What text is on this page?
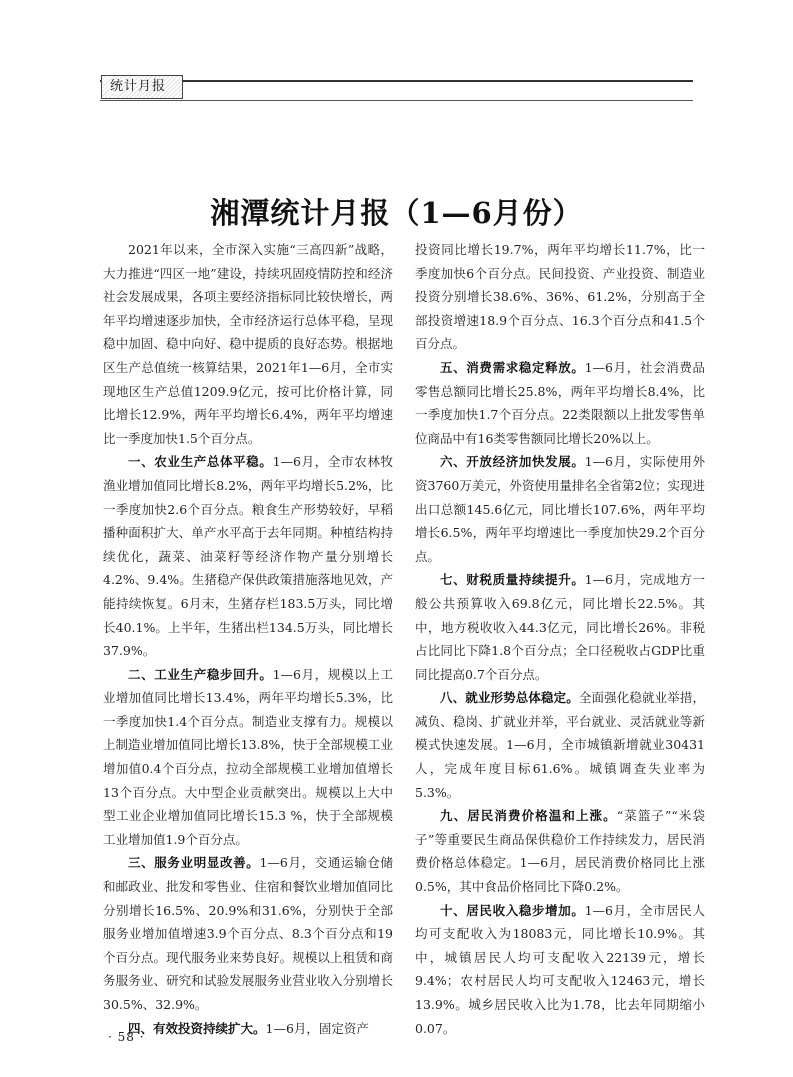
统计月报
湘潭统计月报（1—6月份）

2021年以来，全市深入实施“三高四新”战略，大力推进“四区一地”建设，持续巩固疫情防控和经济社会发展成果，各项主要经济指标同比较快增长，两年平均增速逐步加快，全市经济运行总体平稳，呈现稳中加固、稳中向好、稳中提质的良好态势。根据地区生产总值统一核算结果，2021年1—6月，全市实现地区生产总值1209.9亿元，按可比价格计算，同比增长12.9%，两年平均增长6.4%，两年平均增速比一季度加快1.5个百分点。

一、农业生产总体平稳。1—6月，全市农林牧渔业增加值同比增长8.2%，两年平均增长5.2%，比一季度加快2.6个百分点。粮食生产形势较好，早稻播种面积扩大、单产水平高于去年同期。种植结构持续优化，蔬菜、油菜籽等经济作物产量分别增长4.2%、9.4%。生猪稳产保供政策措施落地见效，产能持续恢复。6月末，生猪存栏183.5万头，同比增长40.1%。上半年，生猪出栏134.5万头，同比增长37.9%。

二、工业生产稳步回升。1—6月，规模以上工业增加值同比增长13.4%，两年平均增长5.3%，比一季度加快1.4个百分点。制造业支撑有力。规模以上制造业增加值同比增长13.8%，快于全部规模工业增加值0.4个百分点，拉动全部规模工业增加值增长13个百分点。大中型企业贡献突出。规模以上大中型工业企业增加值同比增长15.3 %，快于全部规模工业增加值1.9个百分点。

三、服务业明显改善。1—6月，交通运输仓储和邮政业、批发和零售业、住宿和餐饮业增加值同比分别增长16.5%、20.9%和31.6%，分别快于全部服务业增加值增速3.9个百分点、8.3个百分点和19个百分点。现代服务业来势良好。规模以上租赁和商务服务业、研究和试验发展服务业营业收入分别增长30.5%、32.9%。

四、有效投资持续扩大。1—6月，固定资产

投资同比增长19.7%，两年平均增长11.7%，比一季度加快6个百分点。民间投资、产业投资、制造业投资分别增长38.6%、36%、61.2%，分别高于全部投资增速18.9个百分点、16.3个百分点和41.5个百分点。

五、消费需求稳定释放。1—6月，社会消费品零售总额同比增长25.8%，两年平均增长8.4%，比一季度加快1.7个百分点。22类限额以上批发零售单位商品中有16类零售额同比增长20%以上。

六、开放经济加快发展。1—6月，实际使用外资3760万美元，外资使用量排名全省第2位；实现进出口总额145.6亿元，同比增长107.6%，两年平均增长6.5%，两年平均增速比一季度加快29.2个百分点。

七、财税质量持续提升。1—6月，完成地方一般公共预算收入69.8亿元，同比增长22.5%。其中，地方税收收入44.3亿元，同比增长26%。非税占比同比下降1.8个百分点；全口径税收占GDP比重同比提高0.7个百分点。

八、就业形势总体稳定。全面强化稳就业举措，减负、稳岗、扩就业并举，平台就业、灵活就业等新模式快速发展。1—6月，全市城镇新增就业30431人，完成年度目标61.6%。城镇调查失业率为5.3%。

九、居民消费价格温和上涨。“菜篮子”“米袋子”等重要民生商品保供稳价工作持续发力，居民消费价格总体稳定。1—6月，居民消费价格同比上涨0.5%，其中食品价格同比下降0.2%。

十、居民收入稳步增加。1—6月，全市居民人均可支配收入为18083元，同比增长10.9%。其中，城镇居民人均可支配收入22139元，增长9.4%；农村居民人均可支配收入12463元，增长13.9%。城乡居民收入比为1.78，比去年同期缩小0.07。

· 58 ·
